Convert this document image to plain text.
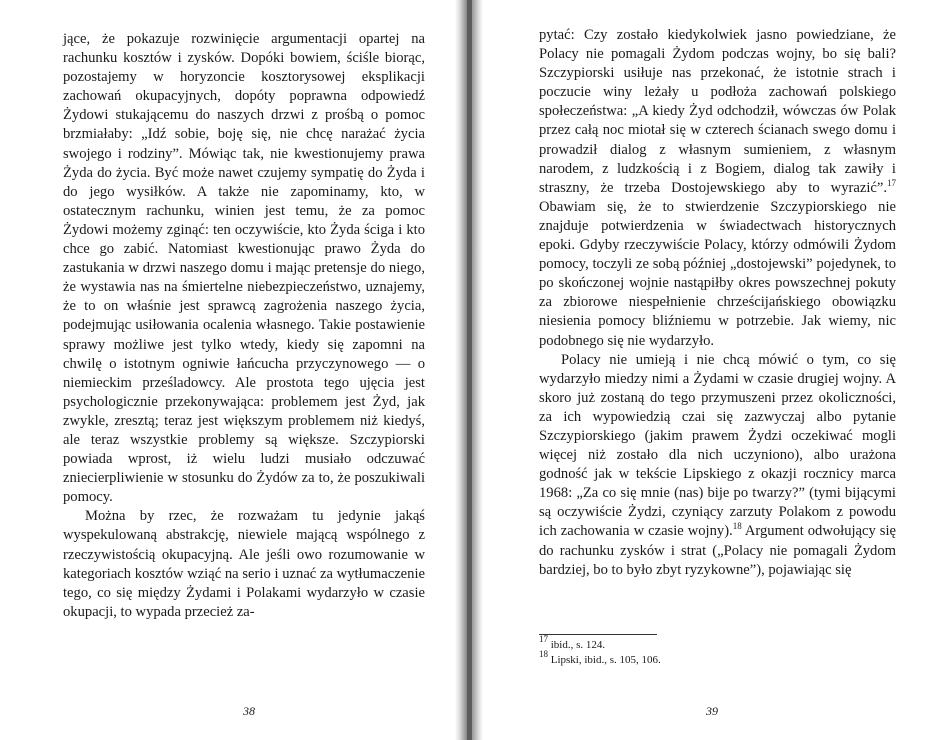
jące, że pokazuje rozwinięcie argumentacji opartej na rachunku kosztów i zysków. Dopóki bowiem, ściśle biorąc, pozostajemy w horyzoncie kosztorysowej eksplikacji zachowań okupacyjnych, dopóty poprawna odpowiedź Żydowi stukającemu do naszych drzwi z prośbą o pomoc brzmiałaby: „Idź sobie, boję się, nie chcę narażać życia swojego i rodziny”. Mówiąc tak, nie kwestionujemy prawa Żyda do życia. Być może nawet czujemy sympatię do Żyda i do jego wysiłków. A także nie zapominamy, kto, w ostatecznym rachunku, winien jest temu, że za pomoc Żydowi możemy zginąć: ten oczywiście, kto Żyda ściga i kto chce go zabić. Natomiast kwestionując prawo Żyda do zastukania w drzwi naszego domu i mając pretensje do niego, że wystawia nas na śmiertelne niebezpieczeństwo, uznajemy, że to on właśnie jest sprawcą zagrożenia naszego życia, podejmując usiłowania ocalenia własnego. Takie postawienie sprawy możliwe jest tylko wtedy, kiedy się zapomni na chwilę o istotnym ogniwie łańcucha przyczynowego — o niemieckim prześladowcy. Ale prostota tego ujęcia jest psychologicznie przekonywająca: problemem jest Żyd, jak zwykle, zresztą; teraz jest większym problemem niż kiedyś, ale teraz wszystkie problemy są większe. Szczypiorski powiada wprost, iż wielu ludzi musiało odczuwać zniecierpliwienie w stosunku do Żydów za to, że poszukiwali pomocy.

Można by rzec, że rozważam tu jedynie jakąś wyspekulowaną abstrakcję, niewiele mającą wspólnego z rzeczywistością okupacyjną. Ale jeśli owo rozumowanie w kategoriach kosztów wziąć na serio i uznać za wytłumaczenie tego, co się między Żydami i Polakami wydarzyło w czasie okupacji, to wypada przecież za-

38

pytać: Czy zostało kiedykolwiek jasno powiedziane, że Polacy nie pomagali Żydom podczas wojny, bo się bali? Szczypiorski usiłuje nas przekonać, że istotnie strach i poczucie winy leżały u podłoża zachowań polskiego społeczeństwa: „A kiedy Żyd odchodził, wówczas ów Polak przez całą noc miotał się w czterech ścianach swego domu i prowadził dialog z własnym sumieniem, z własnym narodem, z ludzkością i z Bogiem, dialog tak zawiły i straszny, że trzeba Dostojewskiego aby to wyrazić”.$^{17}$ Obawiam się, że to stwierdzenie Szczypiorskiego nie znajduje potwierdzenia w świadectwach historycznych epoki. Gdyby rzeczywiście Polacy, którzy odmówili Żydom pomocy, toczyli ze sobą później „dostojewski” pojedynek, to po skończonej wojnie nastąpiłby okres powszechnej pokuty za zbiorowe niespełnienie chrześcijańskiego obowiązku niesienia pomocy bliźniemu w potrzebie. Jak wiemy, nic podobnego się nie wydarzyło.

Polacy nie umieją i nie chcą mówić o tym, co się wydarzyło miedzy nimi a Żydami w czasie drugiej wojny. A skoro już zostaną do tego przymuszeni przez okoliczności, za ich wypowiedzią czai się zazwyczaj albo pytanie Szczypiorskiego (jakim prawem Żydzi oczekiwać mogli więcej niż zostało dla nich uczyniono), albo urażona godność jak w tekście Lipskiego z okazji rocznicy marca 1968: „Za co się mnie (nas) bije po twarzy?” (tymi bijącymi są oczywiście Żydzi, czyniący zarzuty Polakom z powodu ich zachowania w czasie wojny).$^{18}$ Argument odwołujący się do rachunku zysków i strat („Polacy nie pomagali Żydom bardziej, bo to było zbyt ryzykowne”), pojawiając się

$^{17}$ ibid., s. 124.
$^{18}$ Lipski, ibid., s. 105, 106.
39
